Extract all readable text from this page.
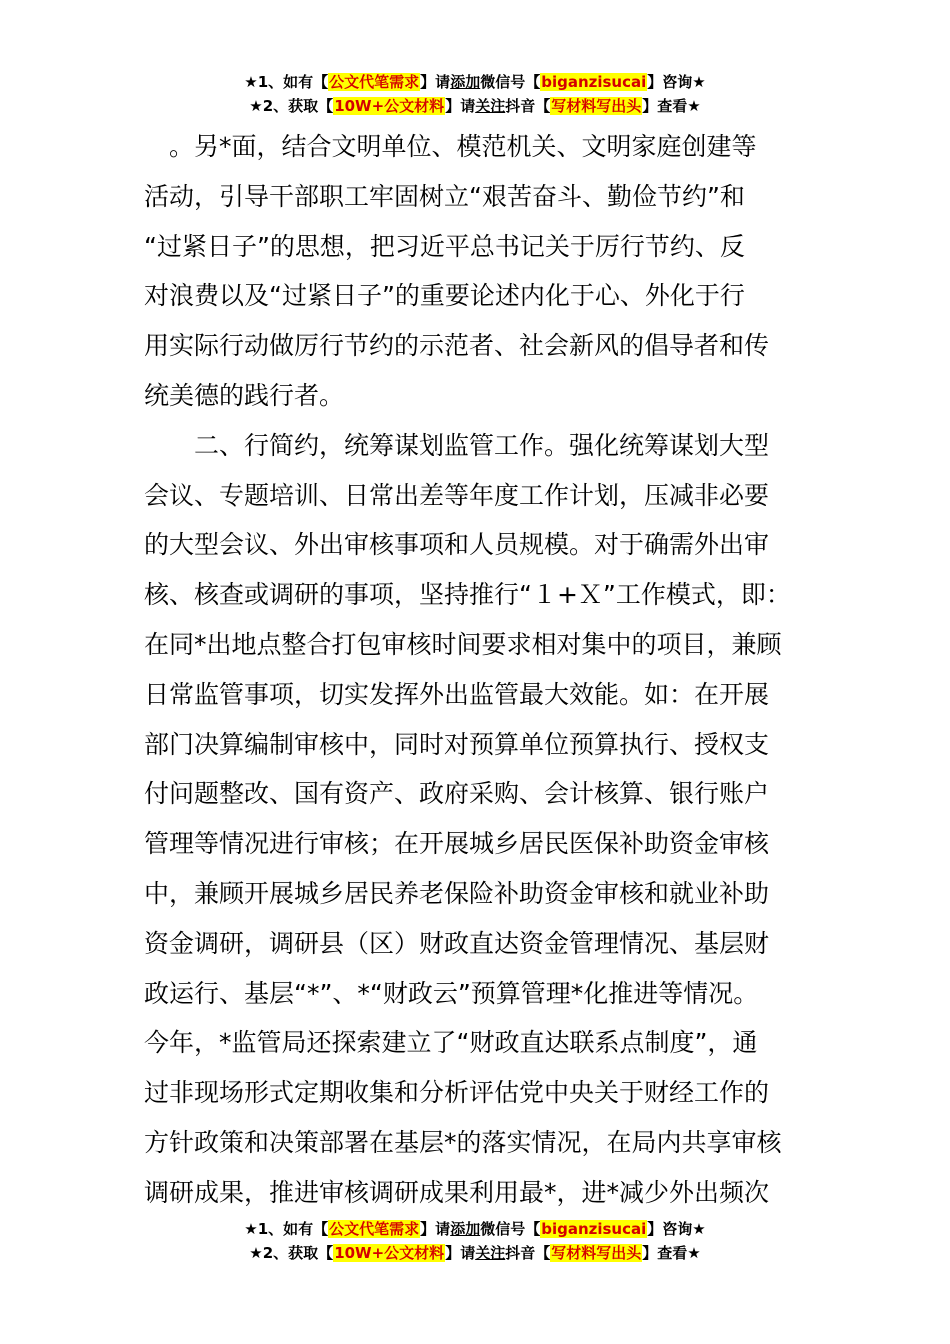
★1、如有【公文代笔需求】请添加微信号【biganzisucai】咨询★
★2、获取【10W+公文材料】请关注抖音【写材料写出头】查看★
　。另*面，结合文明单位、模范机关、文明家庭创建等
活动，引导干部职工牢固树立“艰苦奋斗、勤俭节约”和
“过紧日子”的思想，把习近平总书记关于厉行节约、反
对浪费以及“过紧日子”的重要论述内化于心、外化于行
用实际行动做厉行节约的示范者、社会新风的倡导者和传
统美德的践行者。
　　二、行简约，统筹谋划监管工作。强化统筹谋划大型
会议、专题培训、日常出差等年度工作计划，压减非必要
的大型会议、外出审核事项和人员规模。对于确需外出审
核、核查或调研的事项，坚持推行“１+Ｘ”工作模式，即：
在同*出地点整合打包审核时间要求相对集中的项目，兼顾
日常监管事项，切实发挥外出监管最大效能。如：在开展
部门决算编制审核中，同时对预算单位预算执行、授权支
付问题整改、国有资产、政府采购、会计核算、银行账户
管理等情况进行审核；在开展城乡居民医保补助资金审核
中，兼顾开展城乡居民养老保险补助资金审核和就业补助
资金调研，调研县（区）财政直达资金管理情况、基层财
政运行、基层“*”、*“财政云”预算管理*化推进等情况。
今年，*监管局还探索建立了“财政直达联系点制度”，通
过非现场形式定期收集和分析评估党中央关于财经工作的
方针政策和决策部署在基层*的落实情况，在局内共享审核
调研成果，推进审核调研成果利用最*，进*减少外出频次
★1、如有【公文代笔需求】请添加微信号【biganzisucai】咨询★
★2、获取【10W+公文材料】请关注抖音【写材料写出头】查看★
